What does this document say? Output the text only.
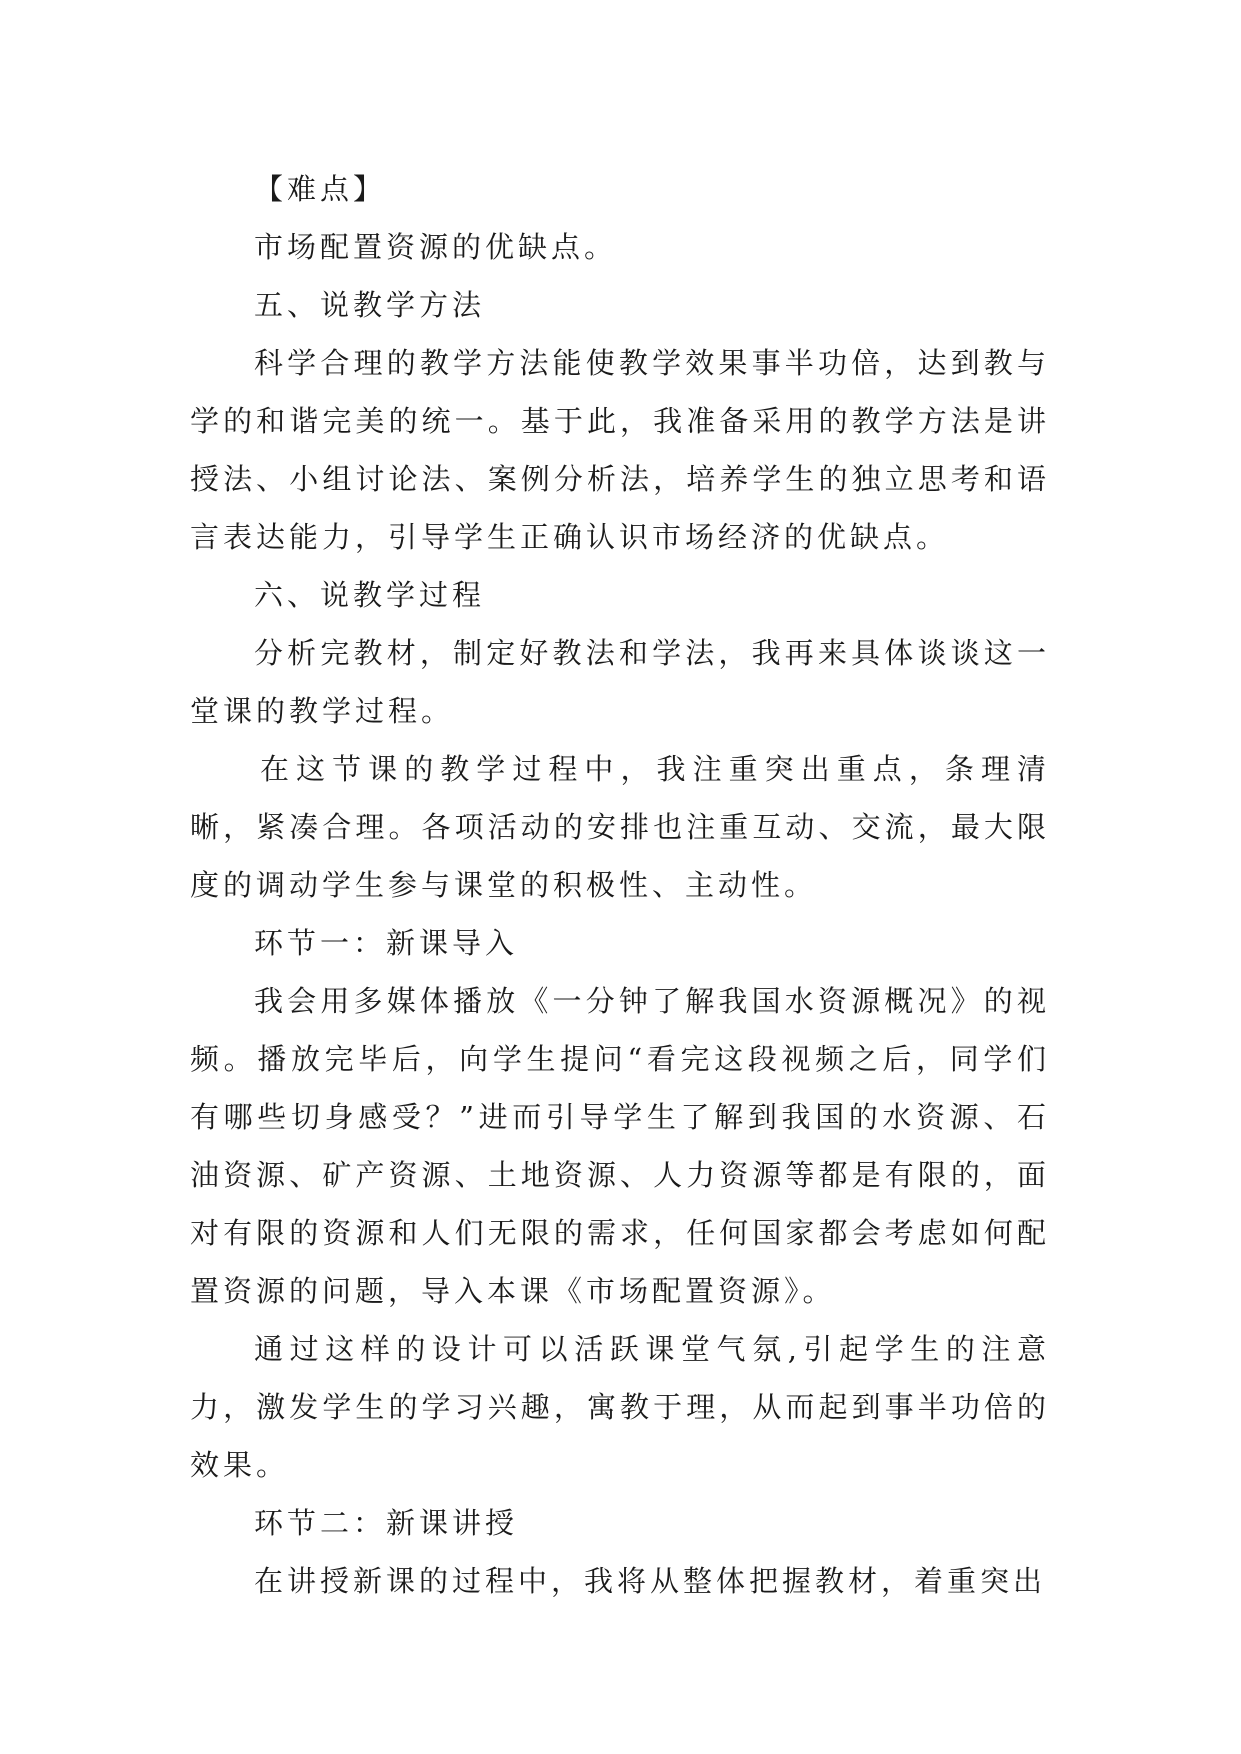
【难点】

市场配置资源的优缺点。

五、说教学方法

科学合理的教学方法能使教学效果事半功倍，达到教与学的和谐完美的统一。基于此，我准备采用的教学方法是讲授法、小组讨论法、案例分析法，培养学生的独立思考和语言表达能力，引导学生正确认识市场经济的优缺点。

六、说教学过程

分析完教材，制定好教法和学法，我再来具体谈谈这一堂课的教学过程。

在这节课的教学过程中，我注重突出重点，条理清晰，紧凑合理。各项活动的安排也注重互动、交流，最大限度的调动学生参与课堂的积极性、主动性。

环节一：新课导入

我会用多媒体播放《一分钟了解我国水资源概况》的视频。播放完毕后，向学生提问“看完这段视频之后，同学们有哪些切身感受？”进而引导学生了解到我国的水资源、石油资源、矿产资源、土地资源、人力资源等都是有限的，面对有限的资源和人们无限的需求，任何国家都会考虑如何配置资源的问题，导入本课《市场配置资源》。

通过这样的设计可以活跃课堂气氛,引起学生的注意力，激发学生的学习兴趣，寓教于理，从而起到事半功倍的效果。

环节二：新课讲授

在讲授新课的过程中，我将从整体把握教材，着重突出
